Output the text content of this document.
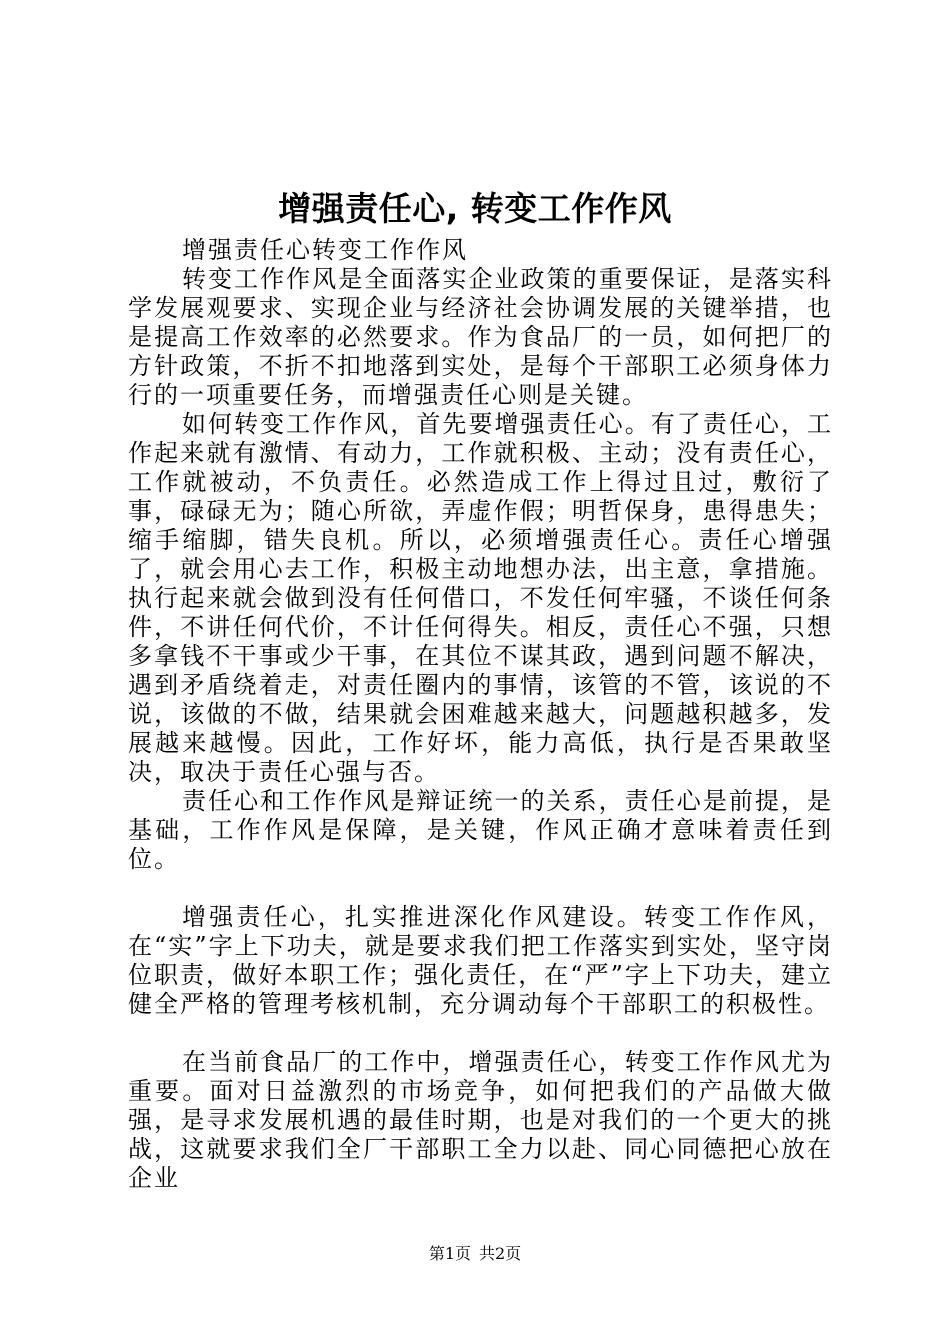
增强责任心, 转变工作作风

增强责任心转变工作作风

转变工作作风是全面落实企业政策的重要保证，是落实科学发展观要求、实现企业与经济社会协调发展的关键举措，也是提高工作效率的必然要求。作为食品厂的一员，如何把厂的方针政策，不折不扣地落到实处，是每个干部职工必须身体力行的一项重要任务，而增强责任心则是关键。

如何转变工作作风，首先要增强责任心。有了责任心，工作起来就有激情、有动力，工作就积极、主动；没有责任心，工作就被动，不负责任。必然造成工作上得过且过，敷衍了事，碌碌无为；随心所欲，弄虚作假；明哲保身，患得患失；缩手缩脚，错失良机。所以，必须增强责任心。责任心增强了，就会用心去工作，积极主动地想办法，出主意，拿措施。执行起来就会做到没有任何借口，不发任何牢骚，不谈任何条件，不讲任何代价，不计任何得失。相反，责任心不强，只想多拿钱不干事或少干事，在其位不谋其政，遇到问题不解决，遇到矛盾绕着走，对责任圈内的事情，该管的不管，该说的不说，该做的不做，结果就会困难越来越大，问题越积越多，发展越来越慢。因此，工作好坏，能力高低，执行是否果敢坚决，取决于责任心强与否。

责任心和工作作风是辩证统一的关系，责任心是前提，是基础，工作作风是保障，是关键，作风正确才意味着责任到位。

增强责任心，扎实推进深化作风建设。转变工作作风，在“实”字上下功夫，就是要求我们把工作落实到实处，坚守岗位职责，做好本职工作；强化责任，在“严”字上下功夫，建立健全严格的管理考核机制，充分调动每个干部职工的积极性。

在当前食品厂的工作中，增强责任心，转变工作作风尤为重要。面对日益激烈的市场竞争，如何把我们的产品做大做强，是寻求发展机遇的最佳时期，也是对我们的一个更大的挑战，这就要求我们全厂干部职工全力以赴、同心同德把心放在企业

第1页 共2页
